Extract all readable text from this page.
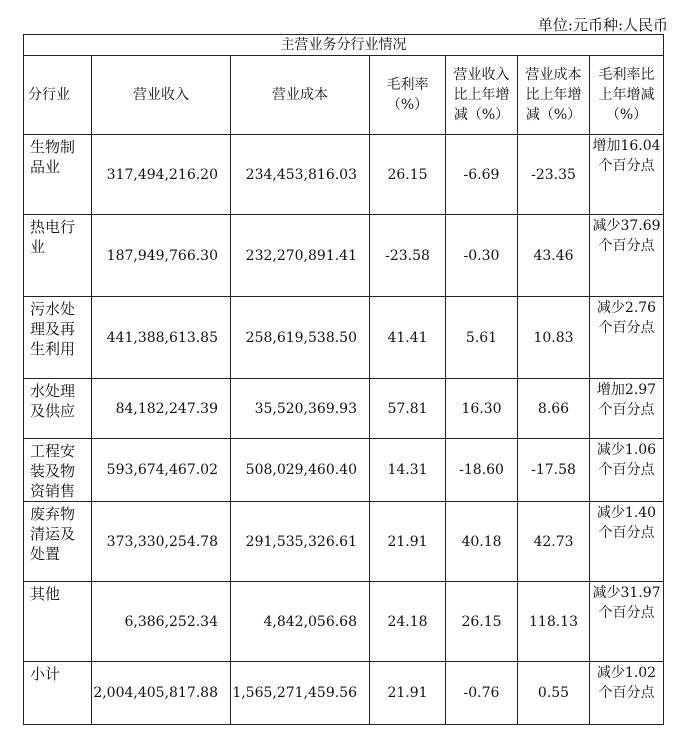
单位:元币种:人民币
主营业务分行业情况						
分行业	营业收入	营业成本	毛利率（%）	营业收入比上年增减（%）	营业成本比上年增减（%）	毛利率比上年增减（%）
生物制品业	317,494,216.20	234,453,816.03	26.15	-6.69	-23.35	增加16.04个百分点
热电行业	187,949,766.30	232,270,891.41	-23.58	-0.30	43.46	减少37.69个百分点
污水处理及再生利用	441,388,613.85	258,619,538.50	41.41	5.61	10.83	减少2.76个百分点
水处理及供应	84,182,247.39	35,520,369.93	57.81	16.30	8.66	增加2.97个百分点
工程安装及物资销售	593,674,467.02	508,029,460.40	14.31	-18.60	-17.58	减少1.06个百分点
废弃物清运及处置	373,330,254.78	291,535,326.61	21.91	40.18	42.73	减少1.40个百分点
其他	6,386,252.34	4,842,056.68	24.18	26.15	118.13	减少31.97个百分点
小计	2,004,405,817.88	1,565,271,459.56	21.91	-0.76	0.55	减少1.02个百分点
